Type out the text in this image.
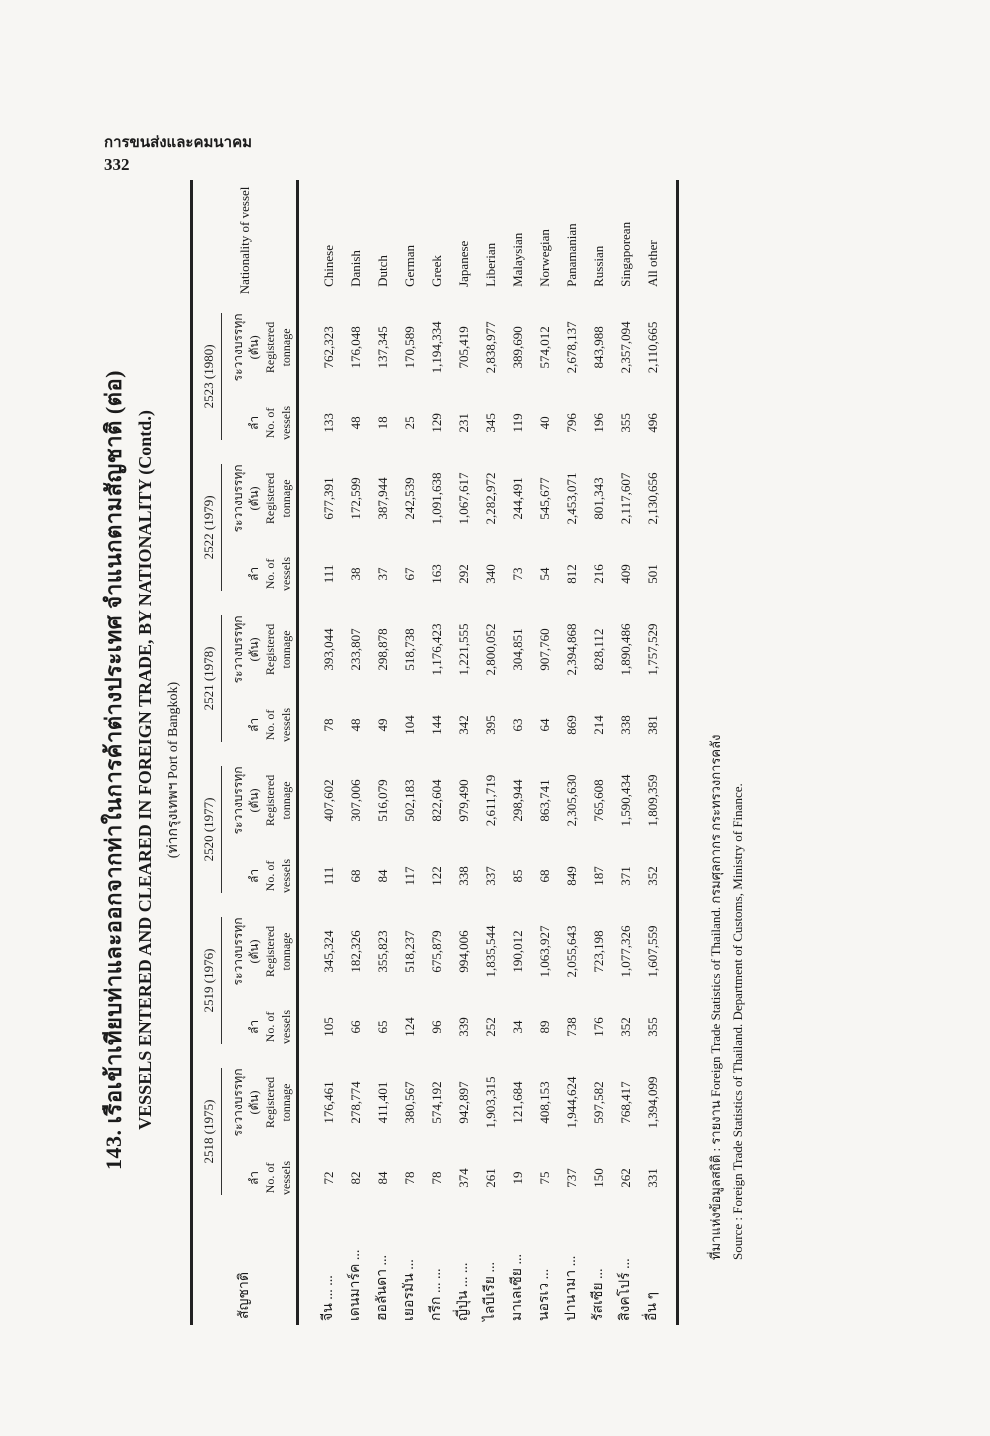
การขนส่งและคมนาคม
332
143. เรือเข้าเทียบท่าและออกจากท่าในการค้าต่างประเทศ จำแนกตามสัญชาติ (ต่อ) VESSELS ENTERED AND CLEARED IN FOREIGN TRADE, BY NATIONALITY (Contd.) (ท่ากรุงเทพฯ Port of Bangkok)
สัญชาติ	2518 (1975)		2519 (1976)		2520 (1977)		2521 (1978)		2522 (1979)		2523 (1980)		Nationality of vessel

	ลำ No. of vessels	ระวางบรรทุก (ตัน) Registered tonnage	ลำ No. of vessels	ระวางบรรทุก (ตัน) Registered tonnage	ลำ No. of vessels	ระวางบรรทุก (ตัน) Registered tonnage	ลำ No. of vessels	ระวางบรรทุก (ตัน) Registered tonnage	ลำ No. of vessels	ระวางบรรทุก (ตัน) Registered tonnage	ลำ No. of vessels	ระวางบรรทุก (ตัน) Registered tonnage	
จีน ... ...	72	176,461	105	345,324	111	407,602	78	393,044	111	677,391	133	762,323	Chinese
เดนมาร์ค ...	82	278,774	66	182,326	68	307,006	48	233,807	38	172,599	48	176,048	Danish
ฮอลันดา ...	84	411,401	65	355,823	84	516,079	49	298,878	37	387,944	18	137,345	Dutch
เยอรมัน ...	78	380,567	124	518,237	117	502,183	104	518,738	67	242,539	25	170,589	German
กรีก ... ...	78	574,192	96	675,879	122	822,604	144	1,176,423	163	1,091,638	129	1,194,334	Greek
ญี่ปุ่น ... ...	374	942,897	339	994,006	338	979,490	342	1,221,555	292	1,067,617	231	705,419	Japanese
ไลบีเรีย ...	261	1,903,315	252	1,835,544	337	2,611,719	395	2,800,052	340	2,282,972	345	2,838,977	Liberian
มาเลเซีย ...	19	121,684	34	190,012	85	298,944	63	304,851	73	244,491	119	389,690	Malaysian
นอรเว ...	75	408,153	89	1,063,927	68	863,741	64	907,760	54	545,677	40	574,012	Norwegian
ปานามา ...	737	1,944,624	738	2,055,643	849	2,305,630	869	2,394,868	812	2,453,071	796	2,678,137	Panamanian
รัสเซีย ...	150	597,582	176	723,198	187	765,608	214	828,112	216	801,343	196	843,988	Russian
สิงคโปร์ ...	262	768,417	352	1,077,326	371	1,590,434	338	1,890,486	409	2,117,607	355	2,357,094	Singaporean
อื่น ๆ	331	1,394,099	355	1,607,559	352	1,809,359	381	1,757,529	501	2,130,656	496	2,110,665	All other
ที่มาแห่งข้อมูลสถิติ : รายงาน Foreign Trade Statistics of Thailand. กรมศุลกากร กระทรวงการคลัง Source : Foreign Trade Statistics of Thailand. Department of Customs, Ministry of Finance.
